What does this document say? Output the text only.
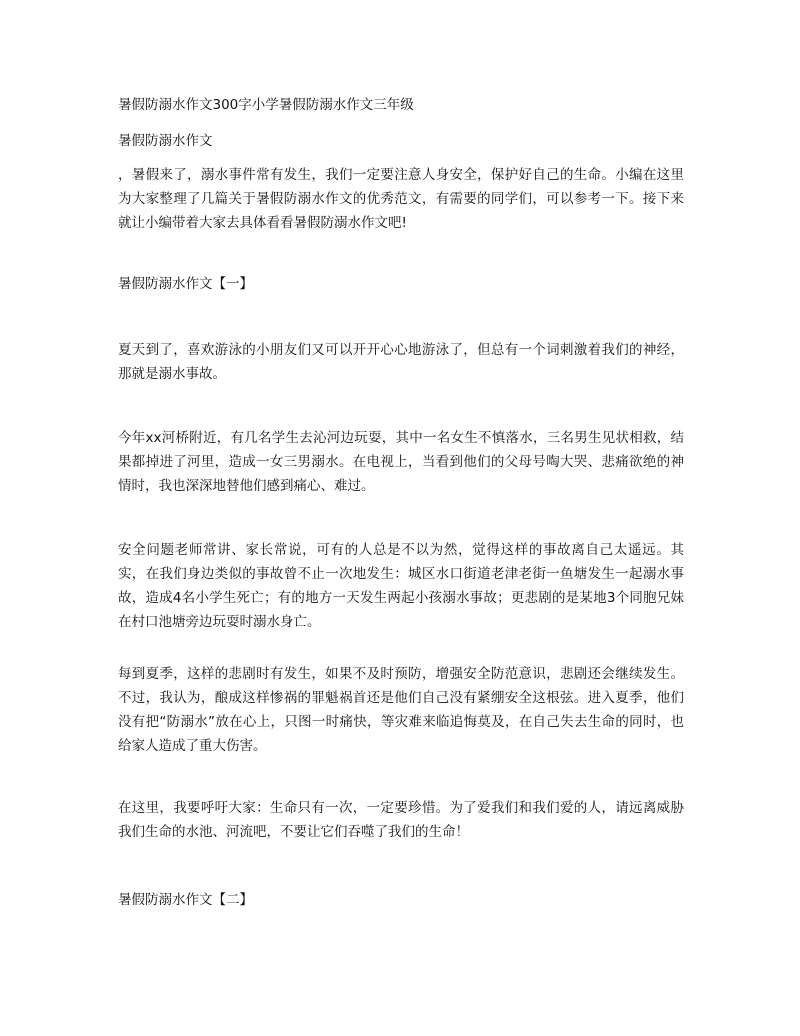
暑假防溺水作文300字小学暑假防溺水作文三年级
暑假防溺水作文

，暑假来了，溺水事件常有发生，我们一定要注意人身安全，保护好自己的生命。小编在这里为大家整理了几篇关于暑假防溺水作文的优秀范文，有需要的同学们，可以参考一下。接下来就让小编带着大家去具体看看暑假防溺水作文吧!

暑假防溺水作文【一】

夏天到了，喜欢游泳的小朋友们又可以开开心心地游泳了，但总有一个词刺激着我们的神经，那就是溺水事故。

今年xx河桥附近，有几名学生去沁河边玩耍，其中一名女生不慎落水，三名男生见状相救，结果都掉进了河里，造成一女三男溺水。在电视上，当看到他们的父母号啕大哭、悲痛欲绝的神情时，我也深深地替他们感到痛心、难过。

安全问题老师常讲、家长常说，可有的人总是不以为然，觉得这样的事故离自己太遥远。其实，在我们身边类似的事故曾不止一次地发生：城区水口街道老津老街一鱼塘发生一起溺水事故，造成4名小学生死亡；有的地方一天发生两起小孩溺水事故；更悲剧的是某地3个同胞兄妹在村口池塘旁边玩耍时溺水身亡。

每到夏季，这样的悲剧时有发生，如果不及时预防，增强安全防范意识，悲剧还会继续发生。不过，我认为，酿成这样惨祸的罪魁祸首还是他们自己没有紧绷安全这根弦。进入夏季，他们没有把“防溺水”放在心上，只图一时痛快，等灾难来临追悔莫及，在自己失去生命的同时，也给家人造成了重大伤害。

在这里，我要呼吁大家：生命只有一次，一定要珍惜。为了爱我们和我们爱的人，请远离威胁我们生命的水池、河流吧，不要让它们吞噬了我们的生命！

暑假防溺水作文【二】
